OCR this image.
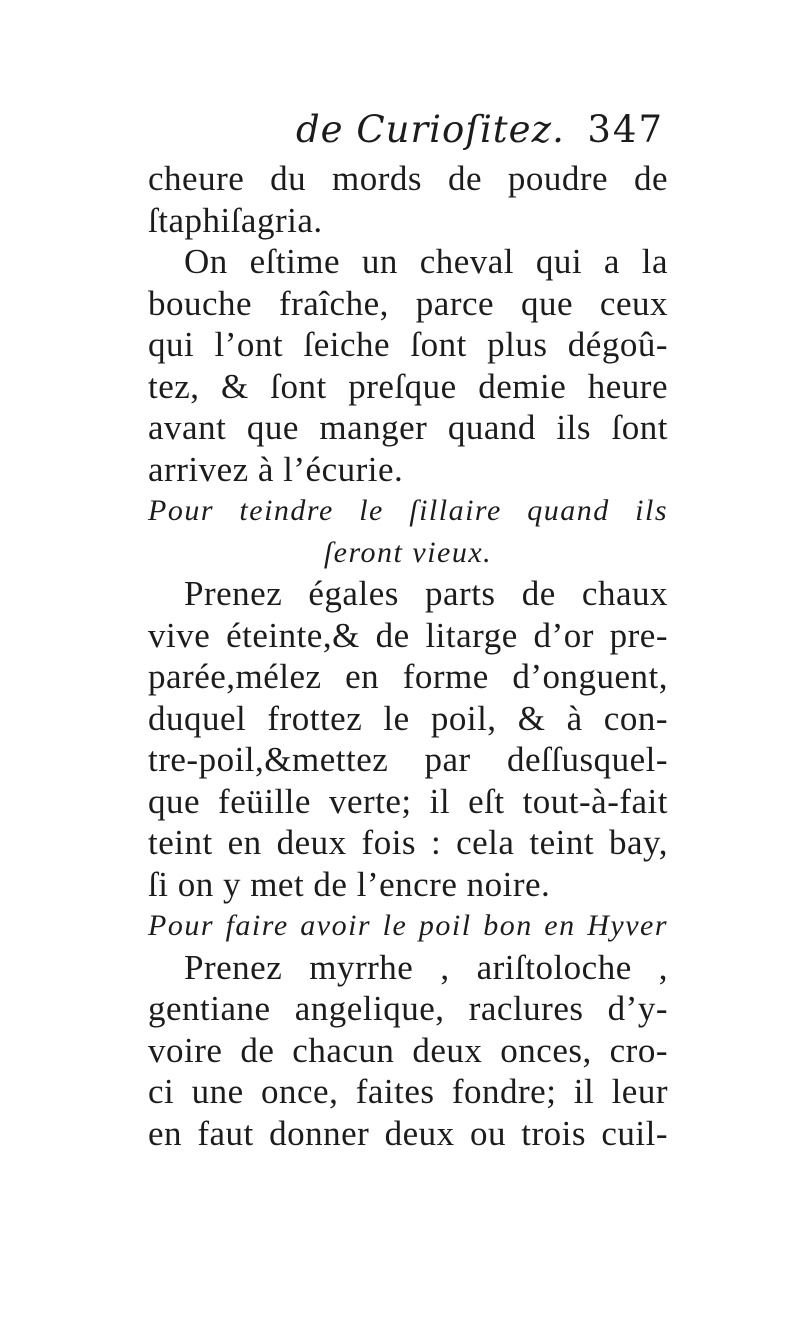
de Curioſitez. 347
cheure du mords de poudre de
ſtaphiſagria.
On eſtime un cheval qui a la
bouche fraîche, parce que ceux
qui l’ont ſeiche ſont plus dégoû-
tez, & ſont preſque demie heure
avant que manger quand ils ſont
arrivez à l’écurie.
Pour teindre le ſillaire quand ils
ſeront vieux.
Prenez égales parts de chaux
vive éteinte,& de litarge d’or pre-
parée,mélez en forme d’onguent,
duquel frottez le poil, & à con-
tre-poil,&mettez par deſſusquel-
que feüille verte; il eſt tout-à-fait
teint en deux fois : cela teint bay,
ſi on y met de l’encre noire.
Pour faire avoir le poil bon en Hyver
Prenez myrrhe , ariſtoloche ,
gentiane angelique, raclures d’y-
voire de chacun deux onces, cro-
ci une once, faites fondre; il leur
en faut donner deux ou trois cuil-
